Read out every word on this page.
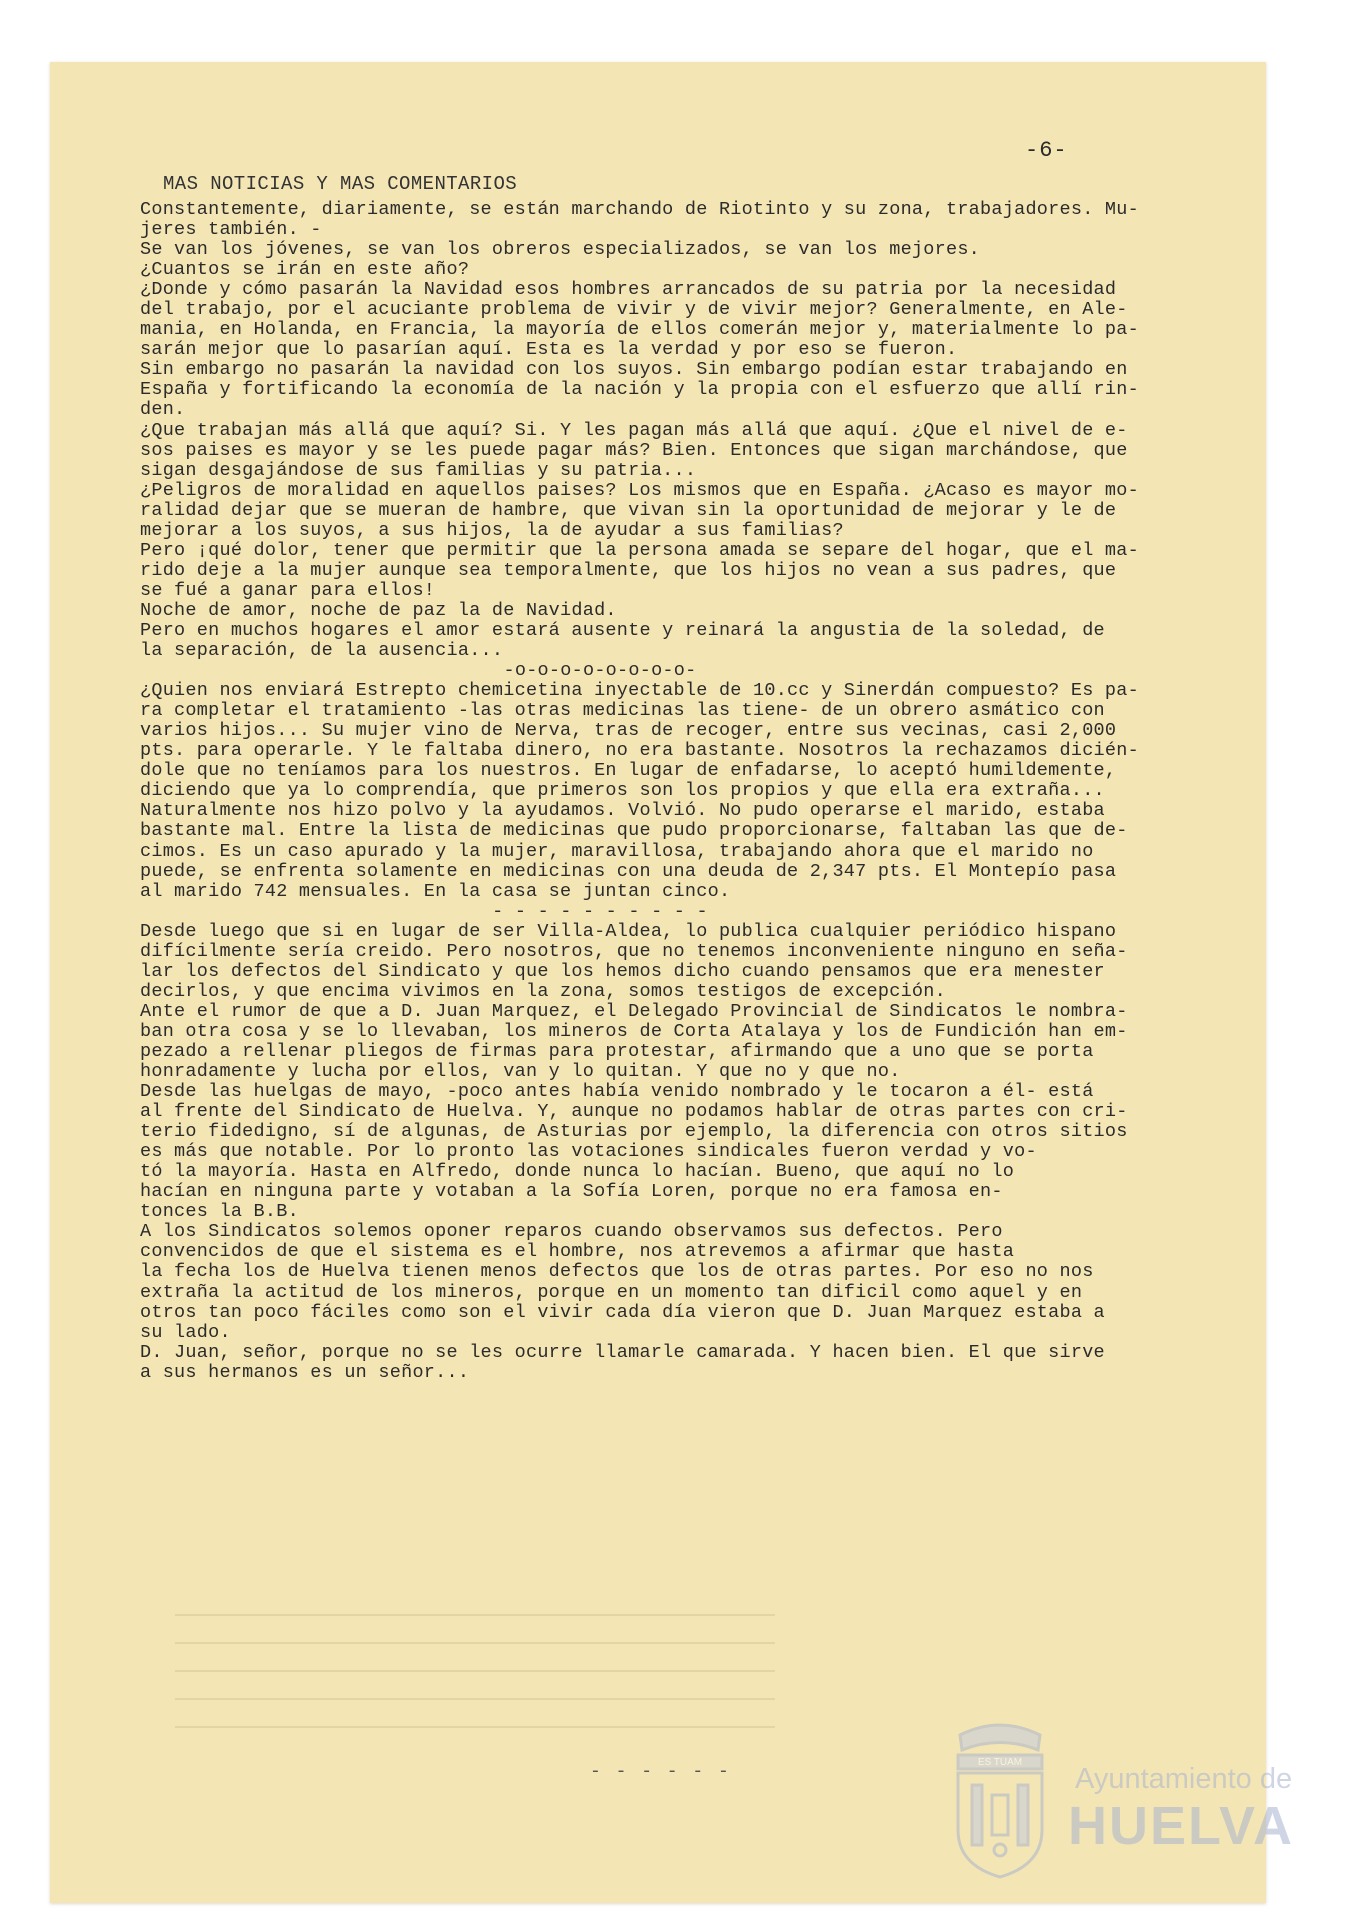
-6-
MAS NOTICIAS Y MAS COMENTARIOS
Constantemente, diariamente, se están marchando de Riotinto y su zona, trabajadores. Mu-
jeres también. -
Se van los jóvenes, se van los obreros especializados, se van los mejores.
¿Cuantos se irán en este año?
¿Donde y cómo pasarán la Navidad esos hombres arrancados de su patria por la necesidad
del trabajo, por el acuciante problema de vivir y de vivir mejor? Generalmente, en Ale-
mania, en Holanda, en Francia, la mayoría de ellos comerán mejor y, materialmente lo pa-
sarán mejor que lo pasarían aquí. Esta es la verdad y por eso se fueron.
Sin embargo no pasarán la navidad con los suyos. Sin embargo podían estar trabajando en
España y fortificando la economía de la nación y la propia con el esfuerzo que allí rin-
den.
¿Que trabajan más allá que aquí? Si. Y les pagan más allá que aquí. ¿Que el nivel de e-
sos paises es mayor y se les puede pagar más? Bien. Entonces que sigan marchándose, que
sigan desgajándose de sus familias y su patria...
¿Peligros de moralidad en aquellos paises? Los mismos que en España. ¿Acaso es mayor mo-
ralidad dejar que se mueran de hambre, que vivan sin la oportunidad de mejorar y le de
mejorar a los suyos, a sus hijos, la de ayudar a sus familias?
Pero ¡qué dolor, tener que permitir que la persona amada se separe del hogar, que el ma-
rido deje a la mujer aunque sea temporalmente, que los hijos no vean a sus padres, que
se fué a ganar para ellos!
Noche de amor, noche de paz la de Navidad.
Pero en muchos hogares el amor estará ausente y reinará la angustia de la soledad, de
la separación, de la ausencia...
-o-o-o-o-o-o-o-o-
¿Quien nos enviará Estrepto chemicetina inyectable de 10.cc y Sinerdán compuesto? Es pa-
ra completar el tratamiento -las otras medicinas las tiene- de un obrero asmático con
varios hijos... Su mujer vino de Nerva, tras de recoger, entre sus vecinas, casi 2,000
pts. para operarle. Y le faltaba dinero, no era bastante. Nosotros la rechazamos dicién-
dole que no teníamos para los nuestros. En lugar de enfadarse, lo aceptó humildemente,
diciendo que ya lo comprendía, que primeros son los propios y que ella era extraña...
Naturalmente nos hizo polvo y la ayudamos. Volvió. No pudo operarse el marido, estaba
bastante mal. Entre la lista de medicinas que pudo proporcionarse, faltaban las que de-
cimos. Es un caso apurado y la mujer, maravillosa, trabajando ahora que el marido no
puede, se enfrenta solamente en medicinas con una deuda de 2,347 pts. El Montepío pasa
al marido 742 mensuales. En la casa se juntan cinco.
- - - - - - - - - -
Desde luego que si en lugar de ser Villa-Aldea, lo publica cualquier periódico hispano
difícilmente sería creido. Pero nosotros, que no tenemos inconveniente ninguno en seña-
lar los defectos del Sindicato y que los hemos dicho cuando pensamos que era menester
decirlos, y que encima vivimos en la zona, somos testigos de excepción.
Ante el rumor de que a D. Juan Marquez, el Delegado Provincial de Sindicatos le nombra-
ban otra cosa y se lo llevaban, los mineros de Corta Atalaya y los de Fundición han em-
pezado a rellenar pliegos de firmas para protestar, afirmando que a uno que se porta
honradamente y lucha por ellos, van y lo quitan. Y que no y que no.
Desde las huelgas de mayo, -poco antes había venido nombrado y le tocaron a él- está
al frente del Sindicato de Huelva. Y, aunque no podamos hablar de otras partes con cri-
terio fidedigno, sí de algunas, de Asturias por ejemplo, la diferencia con otros sitios
es más que notable. Por lo pronto las votaciones sindicales fueron verdad y vo-
tó la mayoría. Hasta en Alfredo, donde nunca lo hacían. Bueno, que aquí no lo
hacían en ninguna parte y votaban a la Sofía Loren, porque no era famosa en-
tonces la B.B.
A los Sindicatos solemos oponer reparos cuando observamos sus defectos. Pero
convencidos de que el sistema es el hombre, nos atrevemos a afirmar que hasta
la fecha los de Huelva tienen menos defectos que los de otras partes. Por eso no nos
extraña la actitud de los mineros, porque en un momento tan dificil como aquel y en
otros tan poco fáciles como son el vivir cada día vieron que D. Juan Marquez estaba a
su lado.
D. Juan, señor, porque no se les ocurre llamarle camarada. Y hacen bien. El que sirve
a sus hermanos es un señor...
- - - - - -	ES TUAM
Ayuntamiento de
HUELVA
